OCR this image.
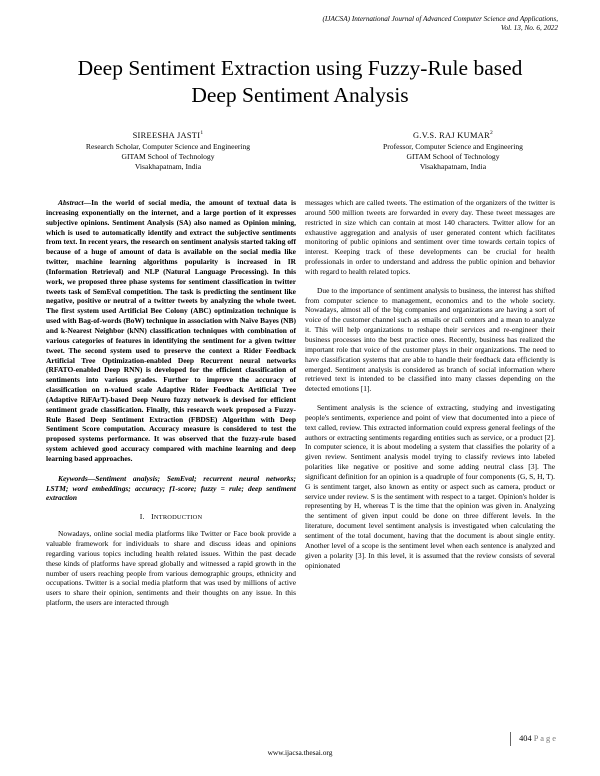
(IJACSA) International Journal of Advanced Computer Science and Applications,
Vol. 13, No. 6, 2022
Deep Sentiment Extraction using Fuzzy-Rule based
Deep Sentiment Analysis
SIREESHA JASTI$^1$
Research Scholar, Computer Science and Engineering
GITAM School of Technology
Visakhapatnam, India
G.V.S. RAJ KUMAR$^2$
Professor, Computer Science and Engineering
GITAM School of Technology
Visakhapatnam, India

Abstract—In the world of social media, the amount of textual data is increasing exponentially on the internet, and a large portion of it expresses subjective opinions. Sentiment Analysis (SA) also named as Opinion mining, which is used to automatically identify and extract the subjective sentiments from text. In recent years, the research on sentiment analysis started taking off because of a huge of amount of data is available on the social media like twitter, machine learning algorithms popularity is increased in IR (Information Retrieval) and NLP (Natural Language Processing). In this work, we proposed three phase systems for sentiment classification in twitter tweets task of SemEval competition. The task is predicting the sentiment like negative, positive or neutral of a twitter tweets by analyzing the whole tweet. The first system used Artificial Bee Colony (ABC) optimization technique is used with Bag-of-words (BoW) technique in association with Naïve Bayes (NB) and k-Nearest Neighbor (kNN) classification techniques with combination of various categories of features in identifying the sentiment for a given twitter tweet. The second system used to preserve the context a Rider Feedback Artificial Tree Optimization-enabled Deep Recurrent neural networks (RFATO-enabled Deep RNN) is developed for the efficient classification of sentiments into various grades. Further to improve the accuracy of classification on n-valued scale Adaptive Rider Feedback Artificial Tree (Adaptive RiFArT)-based Deep Neuro fuzzy network is devised for efficient sentiment grade classification. Finally, this research work proposed a Fuzzy-Rule Based Deep Sentiment Extraction (FBDSE) Algorithm with Deep Sentiment Score computation. Accuracy measure is considered to test the proposed systems performance. It was observed that the fuzzy-rule based system achieved good accuracy compared with machine learning and deep learning based approaches.

Keywords—Sentiment analysis; SemEval; recurrent neural networks; LSTM; word embeddings; accuracy; f1-score; fuzzy = rule; deep sentiment extraction

I. INTRODUCTION

Nowadays, online social media platforms like Twitter or Face book provide a valuable framework for individuals to share and discuss ideas and opinions regarding various topics including health related issues. Within the past decade these kinds of platforms have spread globally and witnessed a rapid growth in the number of users reaching people from various demographic groups, ethnicity and occupations. Twitter is a social media platform that was used by millions of active users to share their opinion, sentiments and their thoughts on any issue. In this platform, the users are interacted through

messages which are called tweets. The estimation of the organizers of the twitter is around 500 million tweets are forwarded in every day. These tweet messages are restricted in size which can contain at most 140 characters. Twitter allow for an exhaustive aggregation and analysis of user generated content which facilitates monitoring of public opinions and sentiment over time towards certain topics of interest. Keeping track of these developments can be crucial for health professionals in order to understand and address the public opinion and behavior with regard to health related topics.

Due to the importance of sentiment analysis to business, the interest has shifted from computer science to management, economics and to the whole society. Nowadays, almost all of the big companies and organizations are having a sort of voice of the customer channel such as emails or call centers and a mean to analyze it. This will help organizations to reshape their services and re-engineer their business processes into the best practice ones. Recently, business has realized the important role that voice of the customer plays in their organizations. The need to have classification systems that are able to handle their feedback data efficiently is emerged. Sentiment analysis is considered as branch of social information where retrieved text is intended to be classified into many classes depending on the detected emotions [1].

Sentiment analysis is the science of extracting, studying and investigating people's sentiments, experience and point of view that documented into a piece of text called, review. This extracted information could express general feelings of the authors or extracting sentiments regarding entities such as service, or a product [2]. In computer science, it is about modeling a system that classifies the polarity of a given review. Sentiment analysis model trying to classify reviews into labeled polarities like negative or positive and some adding neutral class [3]. The significant definition for an opinion is a quadruple of four components (G, S, H, T). G is sentiment target, also known as entity or aspect such as camera, product or service under review. S is the sentiment with respect to a target. Opinion's holder is representing by H, whereas T is the time that the opinion was given in. Analyzing the sentiment of given input could be done on three different levels. In the literature, document level sentiment analysis is investigated when calculating the sentiment of the total document, having that the document is about single entity. Another level of a scope is the sentiment level when each sentence is analyzed and given a polarity [3]. In this level, it is assumed that the review consists of several opinionated

404 P a g e
www.ijacsa.thesai.org
